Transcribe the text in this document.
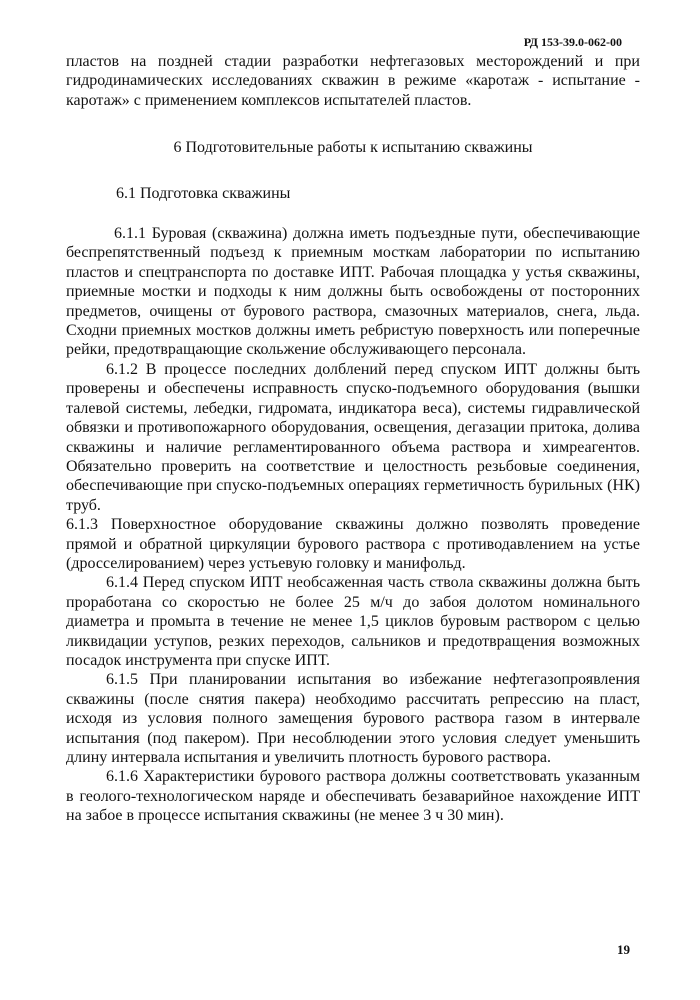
РД 153-39.0-062-00

пластов на поздней стадии разработки нефтегазовых месторождений и при гидродинамических исследованиях скважин в режиме «каротаж - испытание - каротаж» с применением комплексов испытателей пластов.

6 Подготовительные работы к испытанию скважины

6.1 Подготовка скважины

6.1.1 Буровая (скважина) должна иметь подъездные пути, обеспечивающие беспрепятственный подъезд к приемным мосткам лаборатории по испытанию пластов и спецтранспорта по доставке ИПТ. Рабочая площадка у устья скважины, приемные мостки и подходы к ним должны быть освобождены от посторонних предметов, очищены от бурового раствора, смазочных материалов, снега, льда. Сходни приемных мостков должны иметь ребристую поверхность или поперечные рейки, предотвращающие скольжение обслуживающего персонала.

6.1.2 В процессе последних долблений перед спуском ИПТ должны быть проверены и обеспечены исправность спуско-подъемного оборудования (вышки талевой системы, лебедки, гидромата, индикатора веса), системы гидравлической обвязки и противопожарного оборудования, освещения, дегазации притока, долива скважины и наличие регламентированного объема раствора и химреагентов. Обязательно проверить на соответствие и целостность резьбовые соединения, обеспечивающие при спуско-подъемных операциях герметичность бурильных (НК) труб.

6.1.3 Поверхностное оборудование скважины должно позволять проведение прямой и обратной циркуляции бурового раствора с противодавлением на устье (дросселированием) через устьевую головку и манифольд.

6.1.4 Перед спуском ИПТ необсаженная часть ствола скважины должна быть проработана со скоростью не более 25 м/ч до забоя долотом номинального диаметра и промыта в течение не менее 1,5 циклов буровым раствором с целью ликвидации уступов, резких переходов, сальников и предотвращения возможных посадок инструмента при спуске ИПТ.

6.1.5 При планировании испытания во избежание нефтегазопроявления скважины (после снятия пакера) необходимо рассчитать репрессию на пласт, исходя из условия полного замещения бурового раствора газом в интервале испытания (под пакером). При несоблюдении этого условия следует уменьшить длину интервала испытания и увеличить плотность бурового раствора.

6.1.6 Характеристики бурового раствора должны соответствовать указанным в геолого-технологическом наряде и обеспечивать безаварийное нахождение ИПТ на забое в процессе испытания скважины (не менее 3 ч 30 мин).

19
